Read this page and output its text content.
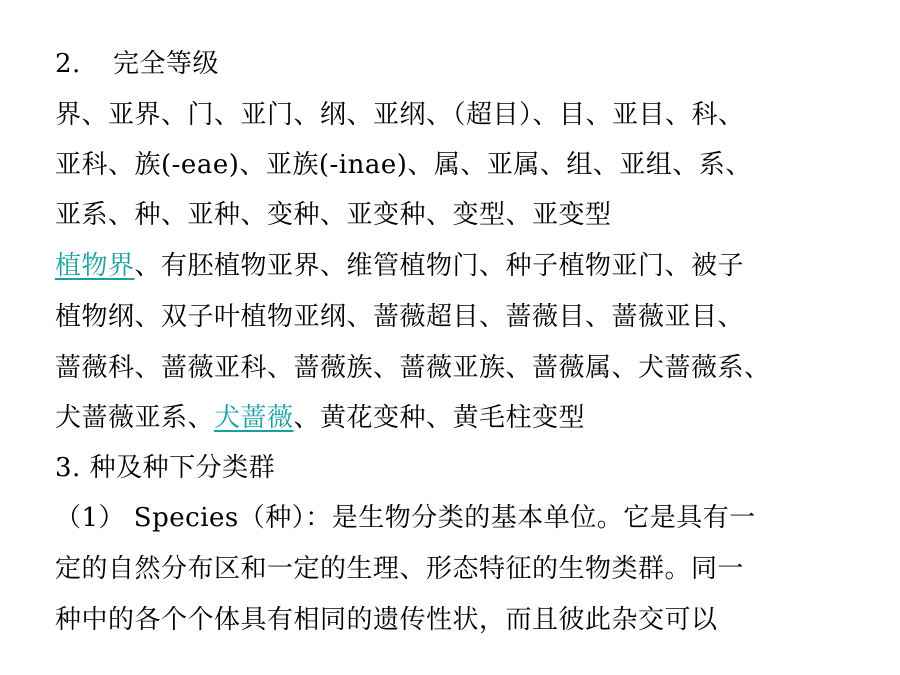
2. 完全等级
界、亚界、门、亚门、纲、亚纲、（超目）、目、亚目、科、
亚科、族(-eae)、亚族(-inae)、属、亚属、组、亚组、系、
亚系、种、亚种、变种、亚变种、变型、亚变型
植物界、有胚植物亚界、维管植物门、种子植物亚门、被子
植物纲、双子叶植物亚纲、蔷薇超目、蔷薇目、蔷薇亚目、
蔷薇科、蔷薇亚科、蔷薇族、蔷薇亚族、蔷薇属、犬蔷薇系、
犬蔷薇亚系、犬蔷薇、黄花变种、黄毛柱变型
3. 种及种下分类群
（1） Species（种）：是生物分类的基本单位。它是具有一
定的自然分布区和一定的生理、形态特征的生物类群。同一
种中的各个个体具有相同的遗传性状，而且彼此杂交可以
